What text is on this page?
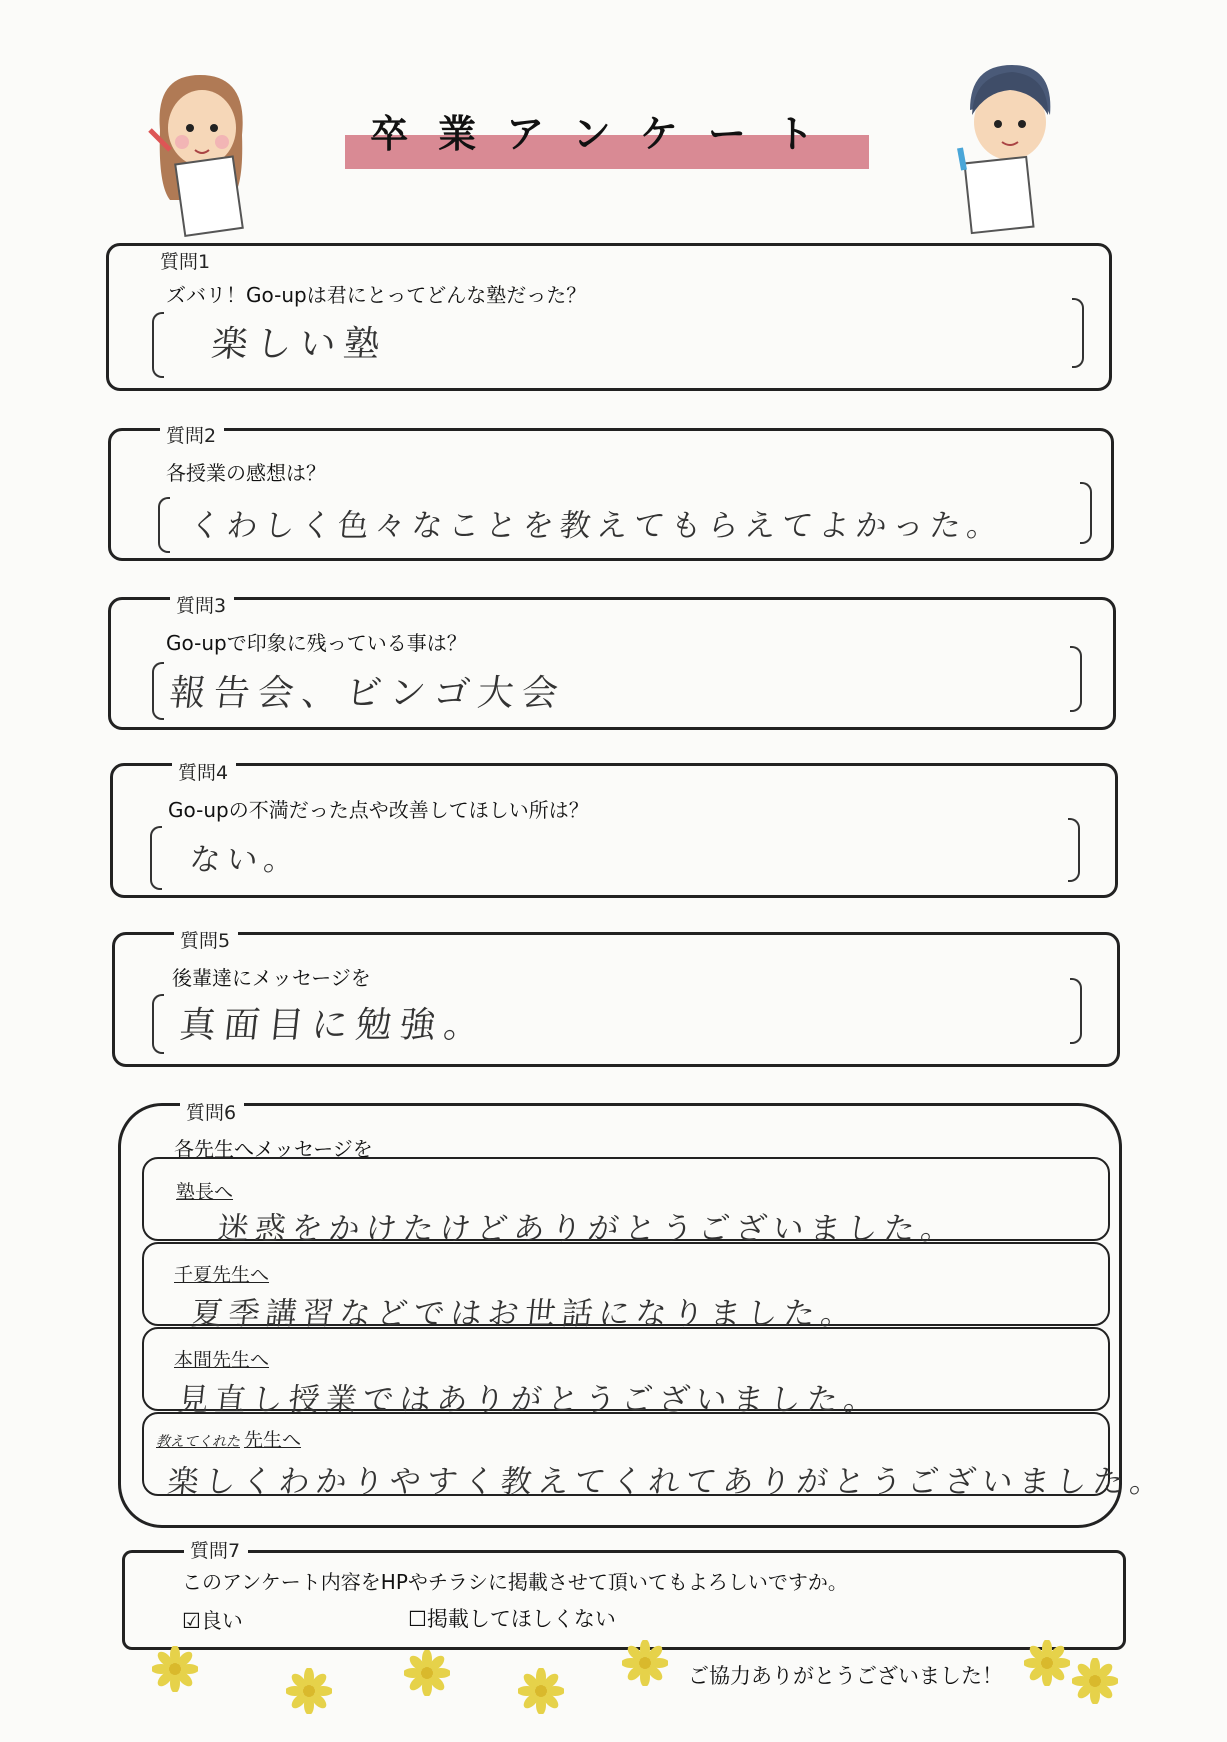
卒業アンケート
質問1
ズバリ！Go-upは君にとってどんな塾だった？
楽しい塾
質問2
各授業の感想は？
くわしく色々なことを教えてもらえてよかった。
質問3
Go-upで印象に残っている事は？
報告会、ビンゴ大会
質問4
Go-upの不満だった点や改善してほしい所は？
ない。
質問5
後輩達にメッセージを
真面目に勉強。
質問6
各先生へメッセージを
塾長へ
迷惑をかけたけどありがとうございました。
千夏先生へ
夏季講習などではお世話になりました。
本間先生へ
見直し授業ではありがとうございました。
教えてくれた 先生へ
楽しくわかりやすく教えてくれてありがとうございました。
質問7
このアンケート内容をHPやチラシに掲載させて頂いてもよろしいですか。
☑良い	☐掲載してほしくない
ご協力ありがとうございました！
